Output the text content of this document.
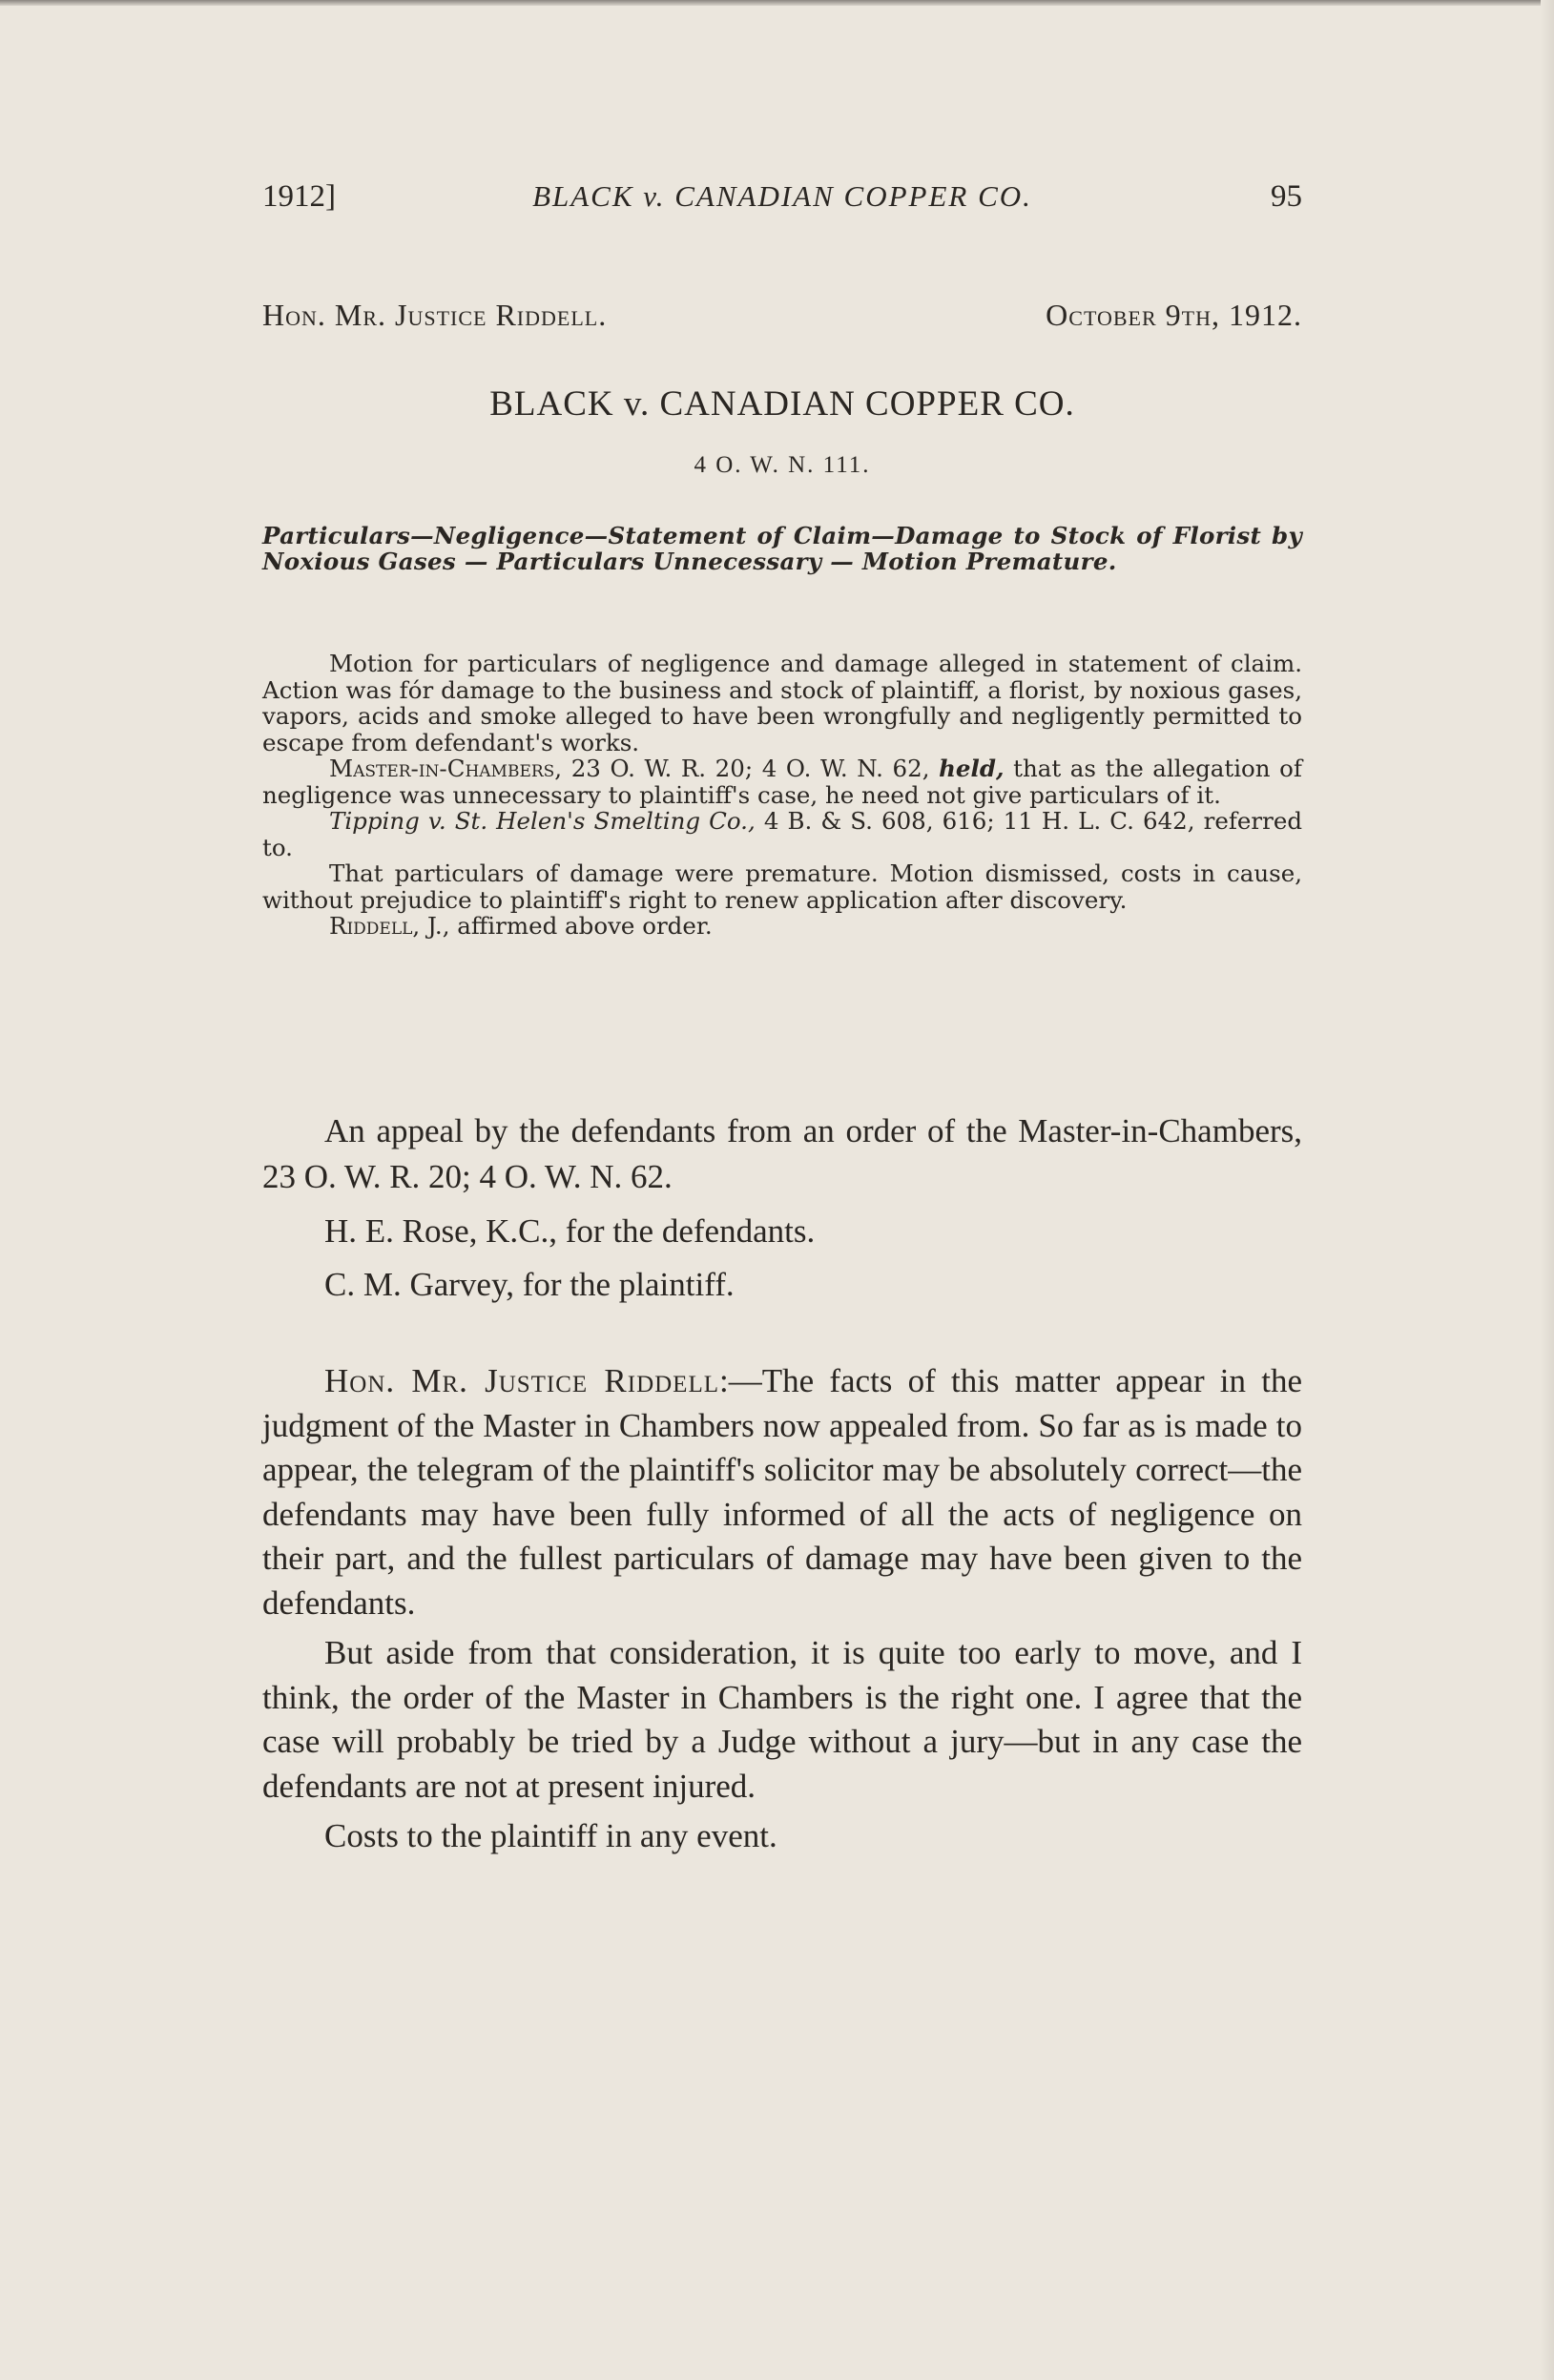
1912]	BLACK v. CANADIAN COPPER CO.	95
Hon. Mr. Justice Riddell.	October 9th, 1912.
BLACK v. CANADIAN COPPER CO.
4 O. W. N. 111.
Particulars—Negligence—Statement of Claim—Damage to Stock of Florist by Noxious Gases — Particulars Unnecessary — Motion Premature.

Motion for particulars of negligence and damage alleged in statement of claim. Action was fór damage to the business and stock of plaintiff, a florist, by noxious gases, vapors, acids and smoke alleged to have been wrongfully and negligently permitted to escape from defendant's works.

Master-in-Chambers, 23 O. W. R. 20; 4 O. W. N. 62, held, that as the allegation of negligence was unnecessary to plaintiff's case, he need not give particulars of it.

Tipping v. St. Helen's Smelting Co., 4 B. & S. 608, 616; 11 H. L. C. 642, referred to.

That particulars of damage were premature. Motion dismissed, costs in cause, without prejudice to plaintiff's right to renew application after discovery.

Riddell, J., affirmed above order.

An appeal by the defendants from an order of the Master-in-Chambers, 23 O. W. R. 20; 4 O. W. N. 62.

H. E. Rose, K.C., for the defendants.

C. M. Garvey, for the plaintiff.

Hon. Mr. Justice Riddell:—The facts of this matter appear in the judgment of the Master in Chambers now appealed from. So far as is made to appear, the telegram of the plaintiff's solicitor may be absolutely correct—the defendants may have been fully informed of all the acts of negligence on their part, and the fullest particulars of damage may have been given to the defendants.

But aside from that consideration, it is quite too early to move, and I think, the order of the Master in Chambers is the right one. I agree that the case will probably be tried by a Judge without a jury—but in any case the defendants are not at present injured.

Costs to the plaintiff in any event.
